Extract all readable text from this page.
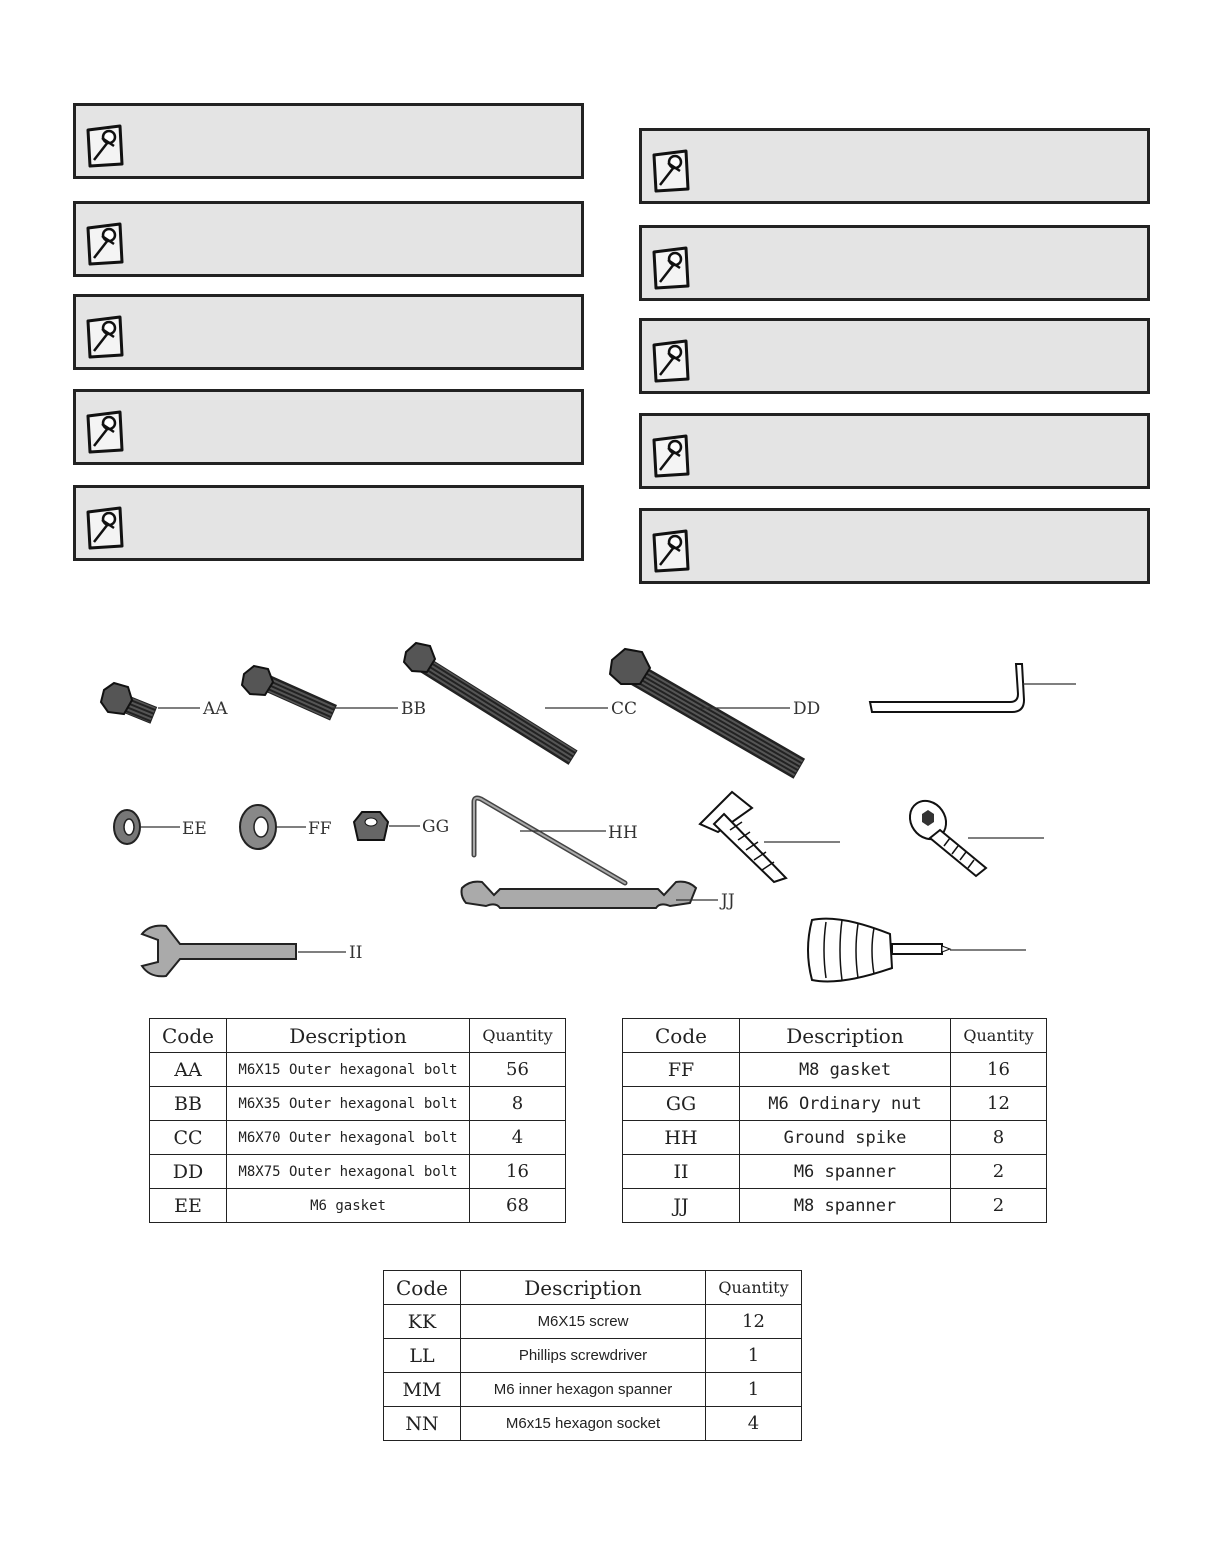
AA	BB	CC	DD
EE	FF	GG	HH
JJ
II
Code	Description	Quantity
AA	M6X15 Outer hexagonal bolt	56
BB	M6X35 Outer hexagonal bolt	8
CC	M6X70 Outer hexagonal bolt	4
DD	M8X75 Outer hexagonal bolt	16
EE	M6 gasket	68
Code	Description	Quantity
FF	M8 gasket	16
GG	M6 Ordinary nut	12
HH	Ground spike	8
II	M6 spanner	2
JJ	M8 spanner	2
Code	Description	Quantity
KK	M6X15 screw	12
LL	Phillips screwdriver	1
MM	M6 inner hexagon spanner	1
NN	M6x15 hexagon socket	4
